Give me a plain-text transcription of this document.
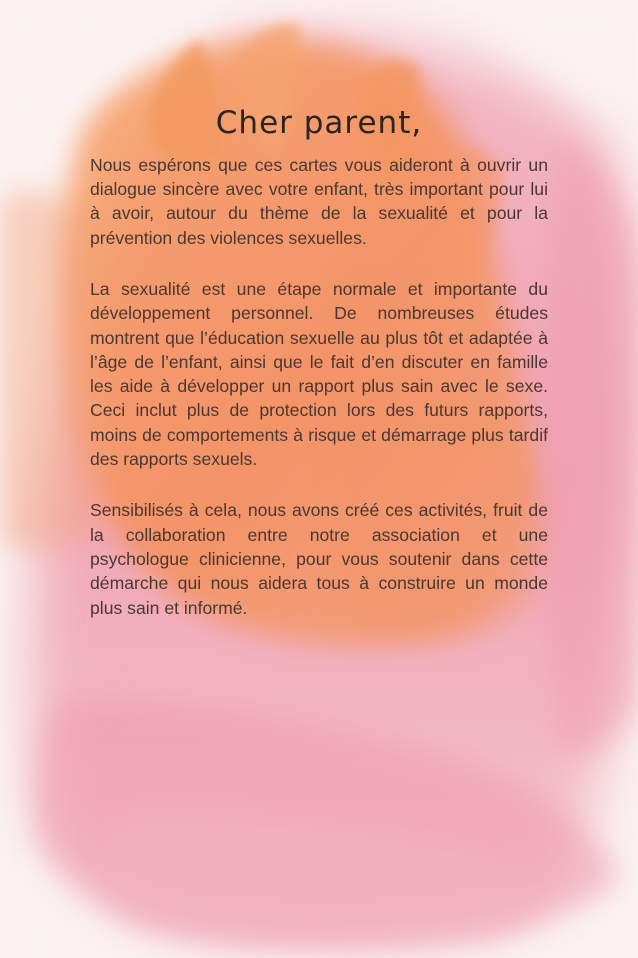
Cher parent,

Nous espérons que ces cartes vous aideront à ouvrir un dialogue sincère avec votre enfant, très important pour lui à avoir, autour du thème de la sexualité et pour la prévention des violences sexuelles.

La sexualité est une étape normale et importante du développement personnel. De nombreuses études montrent que l’éducation sexuelle au plus tôt et adaptée à l’âge de l’enfant, ainsi que le fait d’en discuter en famille les aide à développer un rapport plus sain avec le sexe. Ceci inclut plus de protection lors des futurs rapports, moins de comportements à risque et démarrage plus tardif des rapports sexuels.

Sensibilisés à cela, nous avons créé ces activités, fruit de la collaboration entre notre association et une psychologue clinicienne, pour vous soutenir dans cette démarche qui nous aidera tous à construire un monde plus sain et informé.
